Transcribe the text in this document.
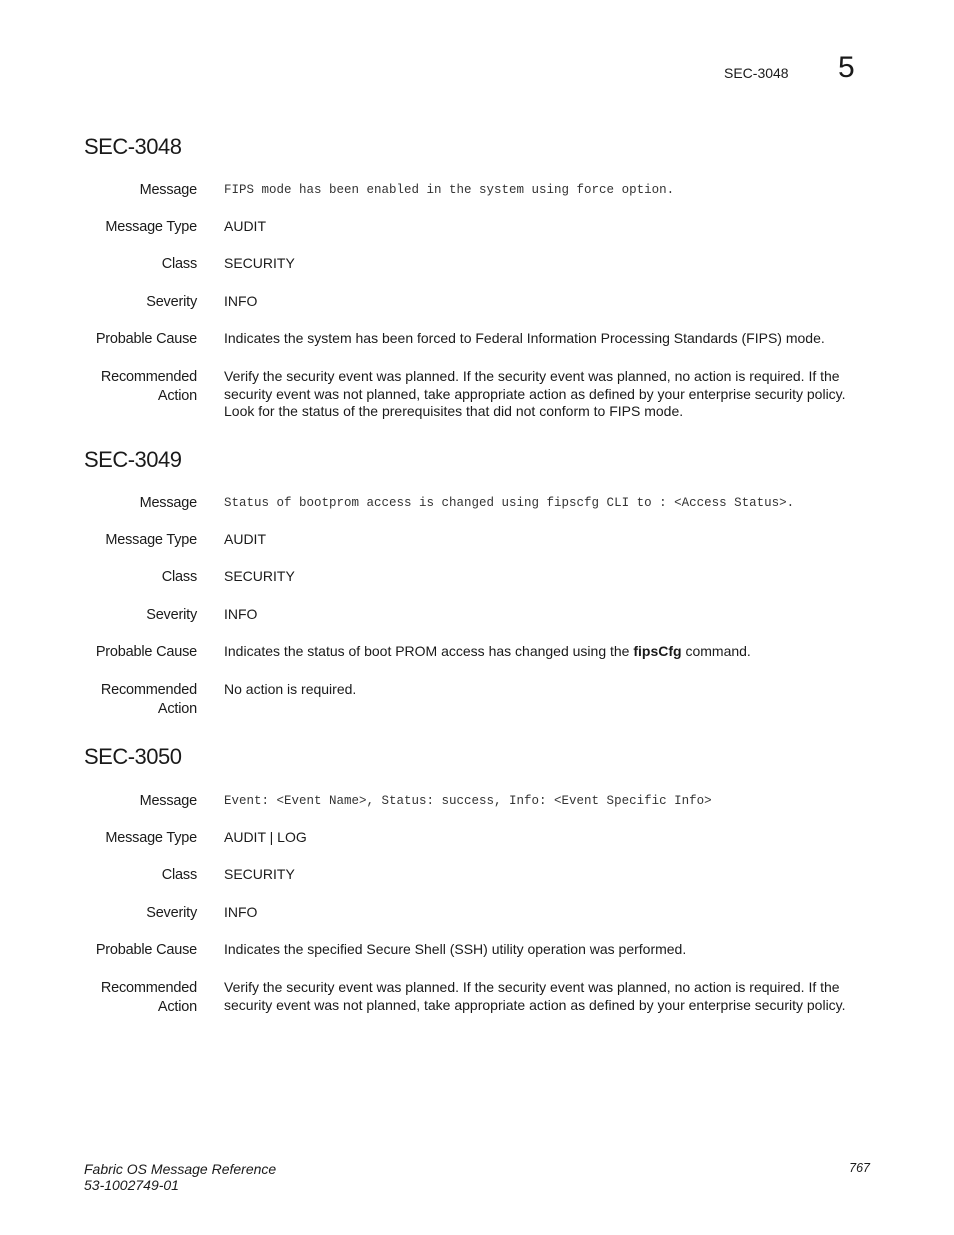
SEC-3048 5
SEC-3048
Message FIPS mode has been enabled in the system using force option.
Message Type AUDIT
Class SECURITY
Severity INFO
Probable Cause Indicates the system has been forced to Federal Information Processing Standards (FIPS) mode.
Recommended
Action
Verify the security event was planned. If the security event was planned, no action is required. If the
security event was not planned, take appropriate action as defined by your enterprise security policy.
Look for the status of the prerequisites that did not conform to FIPS mode.
SEC-3049
Message Status of bootprom access is changed using fipscfg CLI to : <Access Status>.
Message Type AUDIT
Class SECURITY
Severity INFO
Probable Cause Indicates the status of boot PROM access has changed using the fipsCfg command.
Recommended
Action
No action is required.
SEC-3050
Message Event: <Event Name>, Status: success, Info: <Event Specific Info>
Message Type AUDIT | LOG
Class SECURITY
Severity INFO
Probable Cause Indicates the specified Secure Shell (SSH) utility operation was performed.
Recommended
Action
Verify the security event was planned. If the security event was planned, no action is required. If the
security event was not planned, take appropriate action as defined by your enterprise security policy.
Fabric OS Message Reference
53-1002749-01
767
